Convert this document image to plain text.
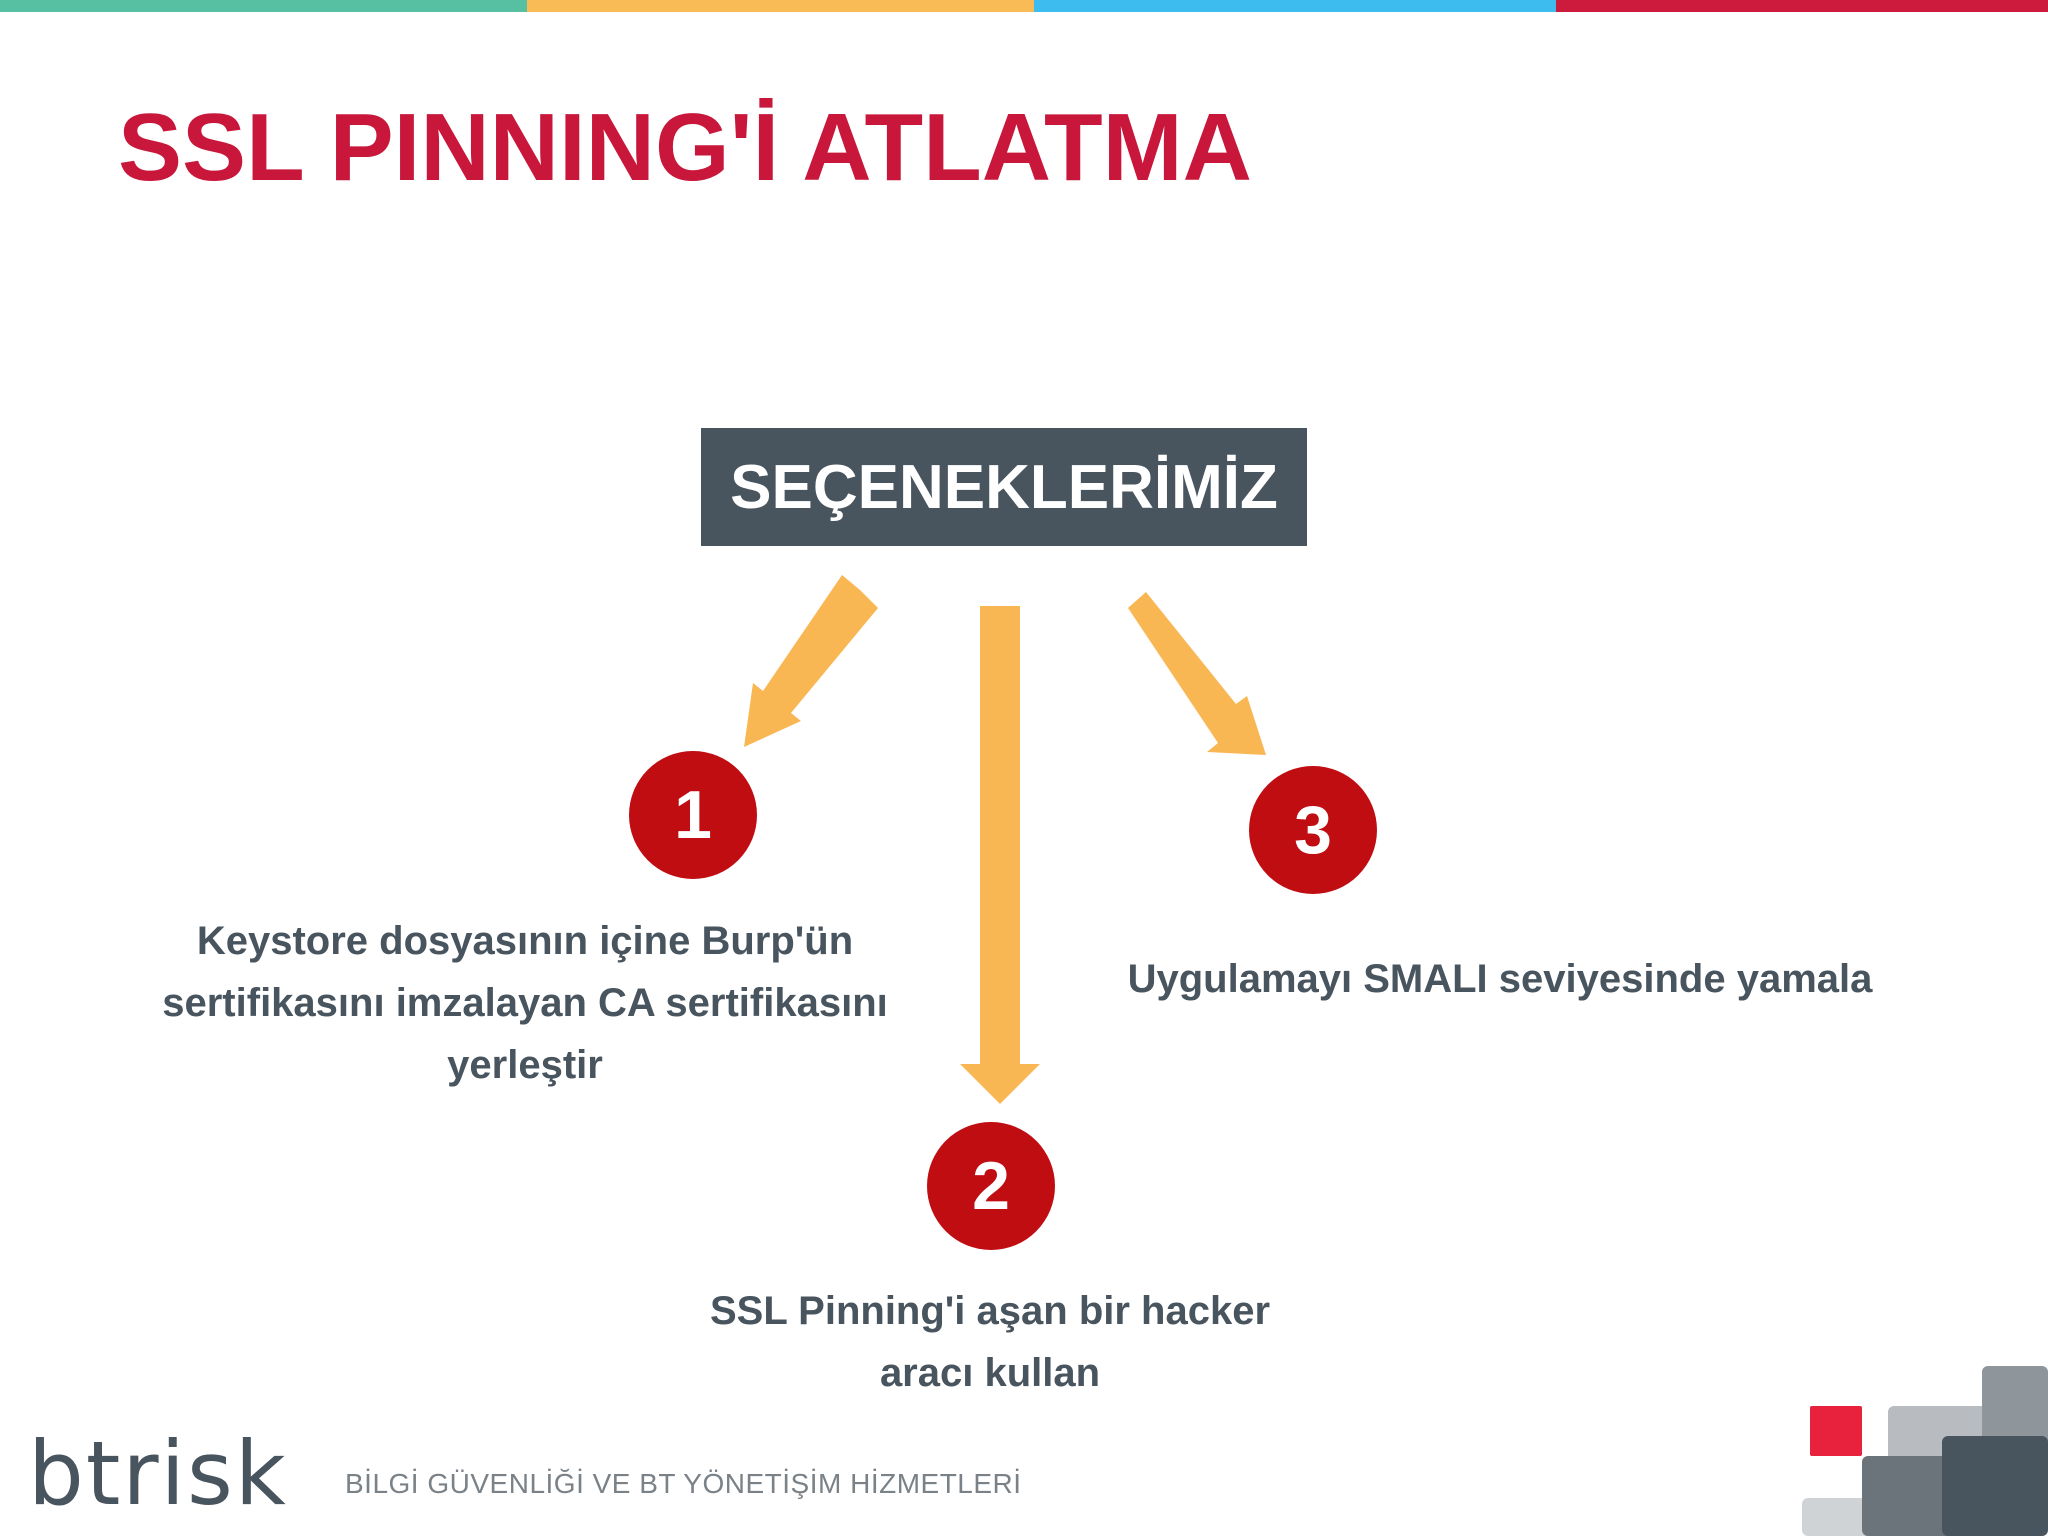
SSL PINNING'İ ATLATMA
SEÇENEKLERİMİZ
1
2
3
Keystore dosyasının içine Burp'ün
sertifikasını imzalayan CA sertifikasını
yerleştir
SSL Pinning'i aşan bir hacker
aracı kullan
Uygulamayı SMALI seviyesinde yamala
btrisk BİLGİ GÜVENLİĞİ VE BT YÖNETİŞİM HİZMETLERİ
